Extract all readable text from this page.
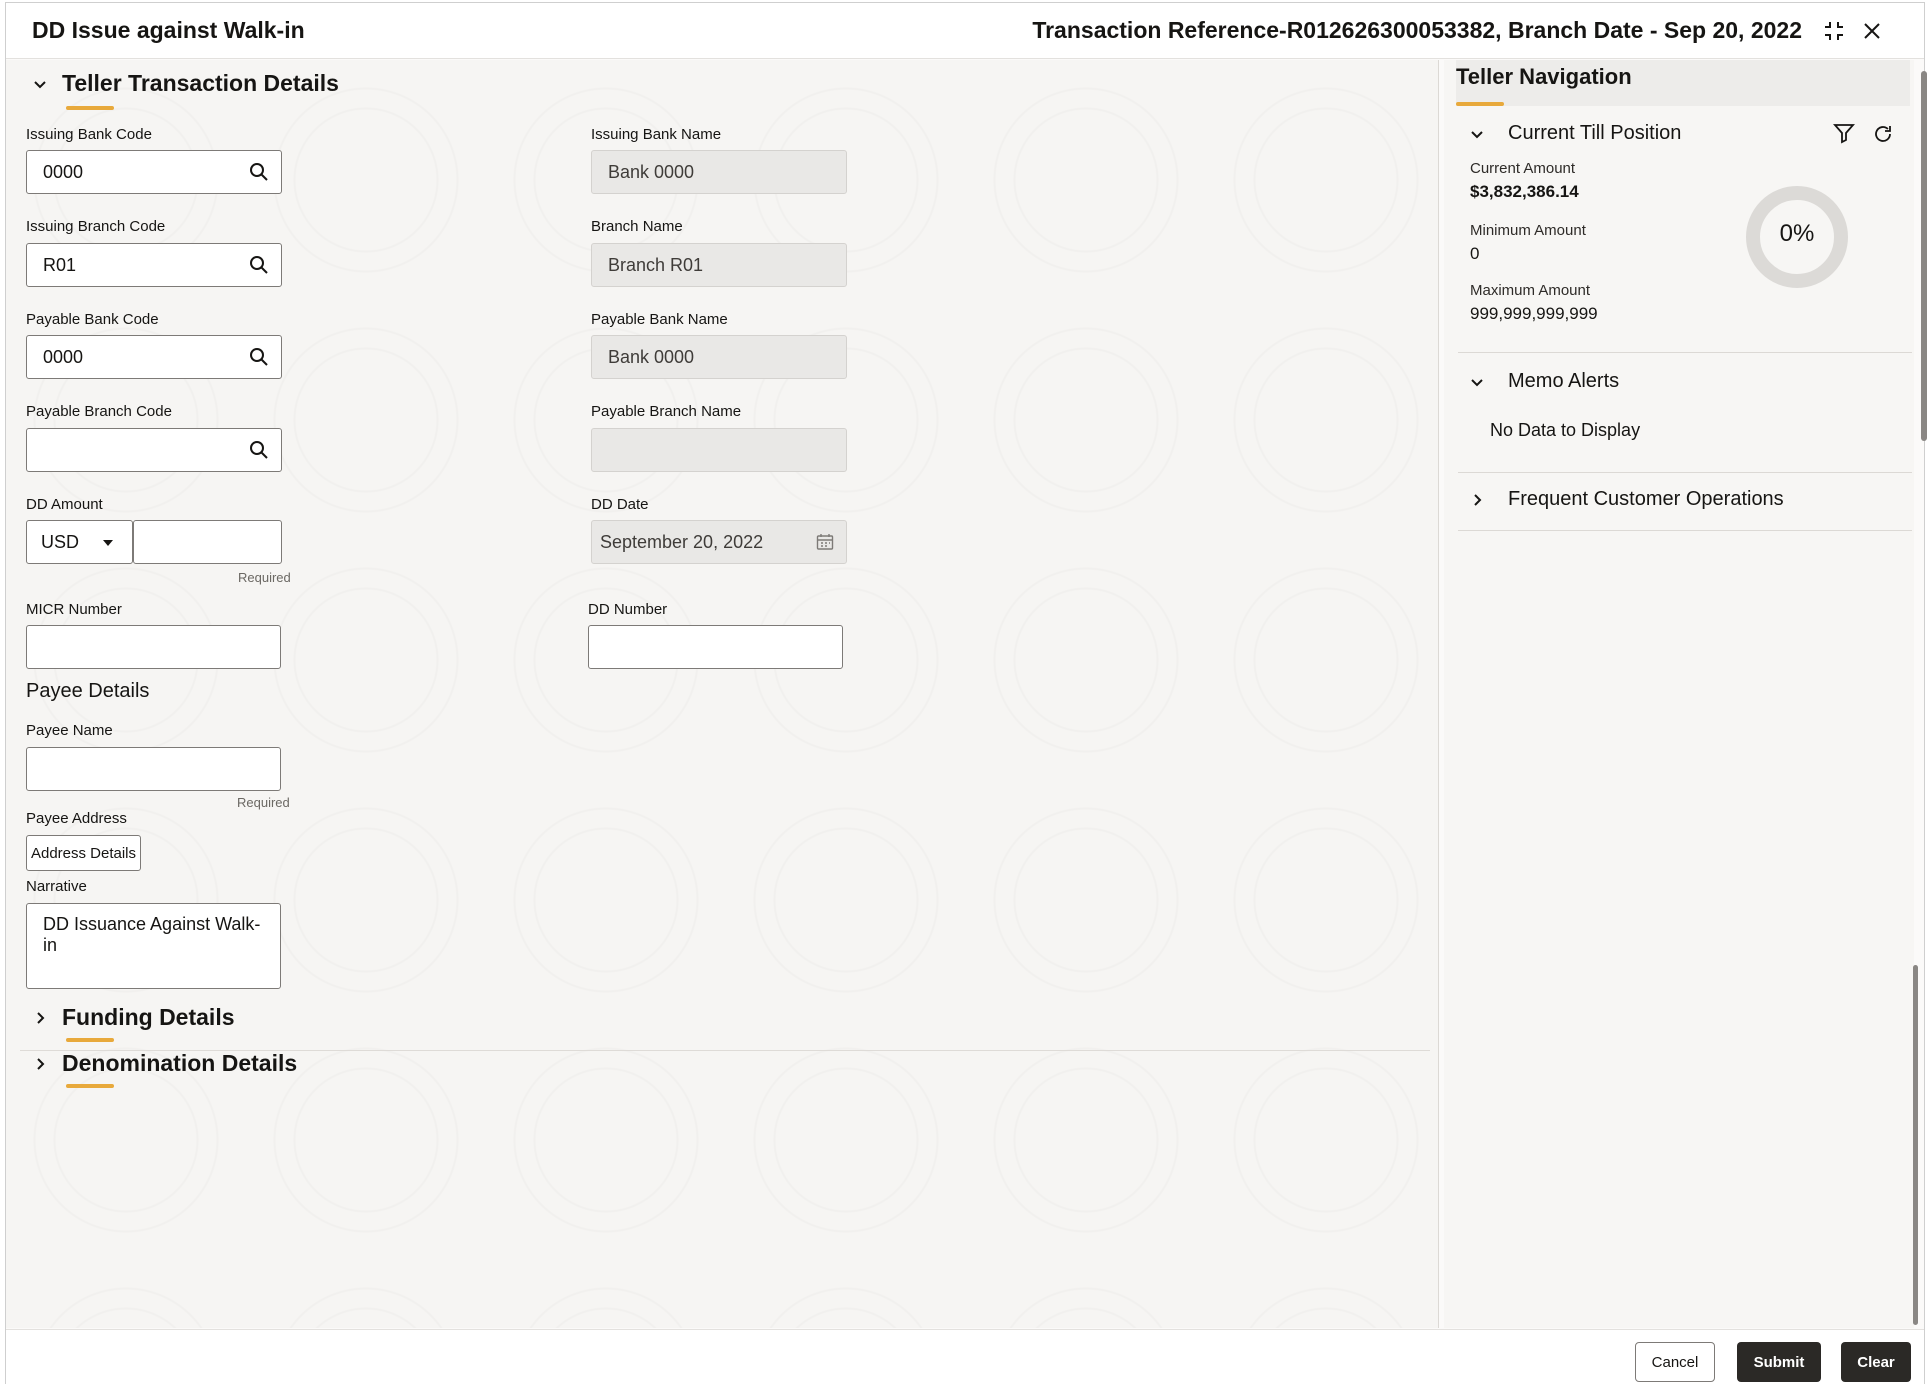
DD Issue against Walk-in	Transaction Reference-R012626300053382, Branch Date - Sep 20, 2022
Teller Transaction Details
Issuing Bank Code
0000
Issuing Bank Name
Bank 0000
Issuing Branch Code
R01
Branch Name
Branch R01
Payable Bank Code
0000
Payable Bank Name
Bank 0000
Payable Branch Code	Payable Branch Name
DD Amount
USD
Required
DD Date
September 20, 2022
MICR Number	DD Number
Payee Details
Payee Name
Required
Payee Address
Address Details
Narrative
DD Issuance Against Walk-in
Funding Details
Denomination Details
Teller Navigation
Current Till Position
Current Amount
$3,832,386.14
Minimum Amount
0
Maximum Amount
999,999,999,999
0%
Memo Alerts
No Data to Display
Frequent Customer Operations
Cancel	Submit	Clear
